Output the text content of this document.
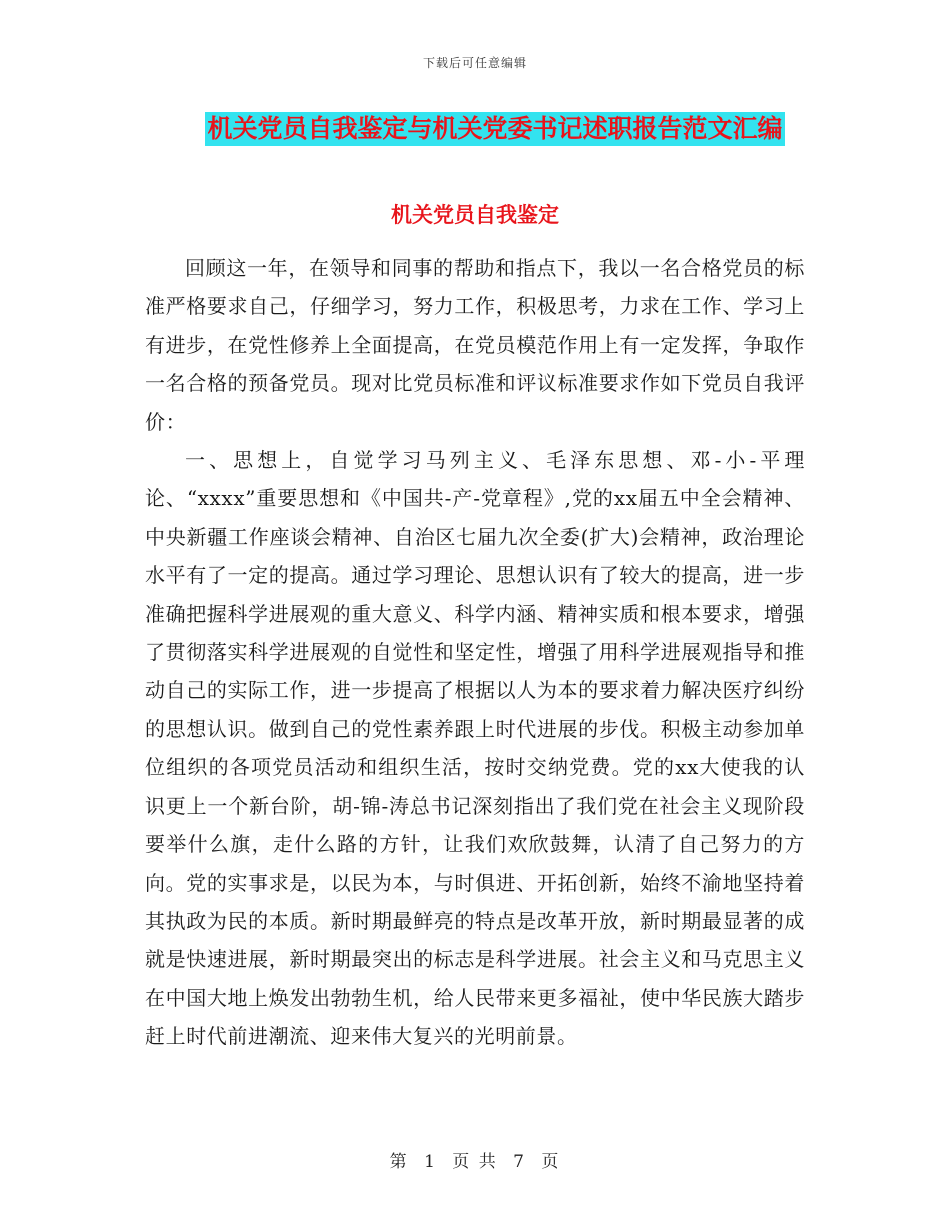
下载后可任意编辑
机关党员自我鉴定与机关党委书记述职报告范文汇编
机关党员自我鉴定

回顾这一年，在领导和同事的帮助和指点下，我以一名合格党员的标准严格要求自己，仔细学习，努力工作，积极思考，力求在工作、学习上有进步，在党性修养上全面提高，在党员模范作用上有一定发挥，争取作一名合格的预备党员。现对比党员标准和评议标准要求作如下党员自我评价：

一、思想上，自觉学习马列主义、毛泽东思想、邓-小-平理论、“xxxx”重要思想和《中国共-产-党章程》,党的xx届五中全会精神、中央新疆工作座谈会精神、自治区七届九次全委(扩大)会精神，政治理论水平有了一定的提高。通过学习理论、思想认识有了较大的提高，进一步准确把握科学进展观的重大意义、科学内涵、精神实质和根本要求，增强了贯彻落实科学进展观的自觉性和坚定性，增强了用科学进展观指导和推动自己的实际工作，进一步提高了根据以人为本的要求着力解决医疗纠纷的思想认识。做到自己的党性素养跟上时代进展的步伐。积极主动参加单位组织的各项党员活动和组织生活，按时交纳党费。党的xx大使我的认识更上一个新台阶，胡-锦-涛总书记深刻指出了我们党在社会主义现阶段要举什么旗，走什么路的方针，让我们欢欣鼓舞，认清了自己努力的方向。党的实事求是，以民为本，与时俱进、开拓创新，始终不渝地坚持着其执政为民的本质。新时期最鲜亮的特点是改革开放，新时期最显著的成就是快速进展，新时期最突出的标志是科学进展。社会主义和马克思主义在中国大地上焕发出勃勃生机，给人民带来更多福祉，使中华民族大踏步赶上时代前进潮流、迎来伟大复兴的光明前景。

第 1 页 共 7 页
